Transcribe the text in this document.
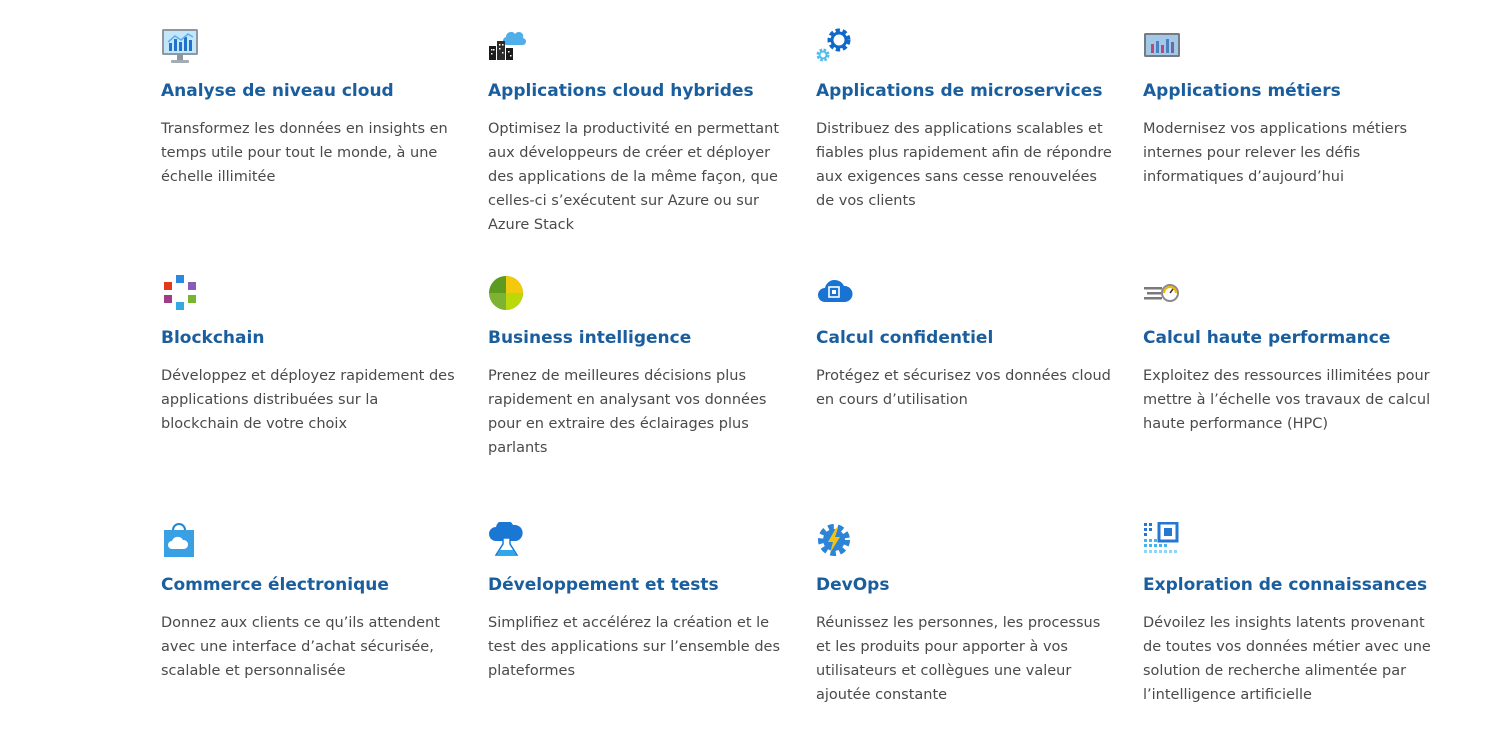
Analyse de niveau cloud

Transformez les données en insights en temps utile pour tout le monde, à une échelle illimitée

Applications cloud hybrides

Optimisez la productivité en permettant aux développeurs de créer et déployer des applications de la même façon, que celles-ci s’exécutent sur Azure ou sur Azure Stack

Applications de microservices

Distribuez des applications scalables et fiables plus rapidement afin de répondre aux exigences sans cesse renouvelées de vos clients

Applications métiers

Modernisez vos applications métiers internes pour relever les défis informatiques d’aujourd’hui

Blockchain

Développez et déployez rapidement des applications distribuées sur la blockchain de votre choix

Business intelligence

Prenez de meilleures décisions plus rapidement en analysant vos données pour en extraire des éclairages plus parlants

Calcul confidentiel

Protégez et sécurisez vos données cloud en cours d’utilisation

Calcul haute performance

Exploitez des ressources illimitées pour mettre à l’échelle vos travaux de calcul haute performance (HPC)

Commerce électronique

Donnez aux clients ce qu’ils attendent avec une interface d’achat sécurisée, scalable et personnalisée

Développement et tests

Simplifiez et accélérez la création et le test des applications sur l’ensemble des plateformes

DevOps

Réunissez les personnes, les processus et les produits pour apporter à vos utilisateurs et collègues une valeur ajoutée constante

Exploration de connaissances

Dévoilez les insights latents provenant de toutes vos données métier avec une solution de recherche alimentée par l’intelligence artificielle
